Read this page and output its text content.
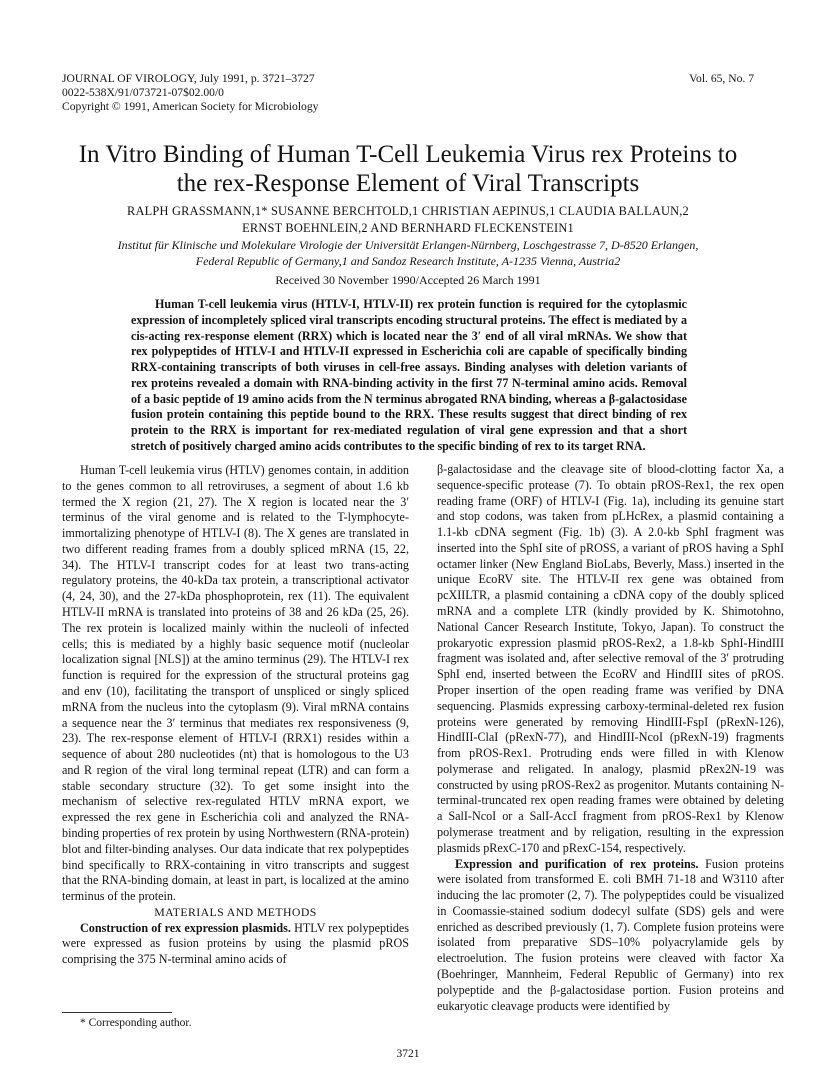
JOURNAL OF VIROLOGY, July 1991, p. 3721–3727
0022-538X/91/073721-07$02.00/0
Copyright © 1991, American Society for Microbiology
Vol. 65, No. 7
In Vitro Binding of Human T-Cell Leukemia Virus rex Proteins to
the rex-Response Element of Viral Transcripts
RALPH GRASSMANN,1* SUSANNE BERCHTOLD,1 CHRISTIAN AEPINUS,1 CLAUDIA BALLAUN,2
ERNST BOEHNLEIN,2 AND BERNHARD FLECKENSTEIN1
Institut für Klinische und Molekulare Virologie der Universität Erlangen-Nürnberg, Loschgestrasse 7, D-8520 Erlangen,
Federal Republic of Germany,1 and Sandoz Research Institute, A-1235 Vienna, Austria2
Received 30 November 1990/Accepted 26 March 1991
Human T-cell leukemia virus (HTLV-I, HTLV-II) rex protein function is required for the cytoplasmic expression of incompletely spliced viral transcripts encoding structural proteins. The effect is mediated by a cis-acting rex-response element (RRX) which is located near the 3′ end of all viral mRNAs. We show that rex polypeptides of HTLV-I and HTLV-II expressed in Escherichia coli are capable of specifically binding RRX-containing transcripts of both viruses in cell-free assays. Binding analyses with deletion variants of rex proteins revealed a domain with RNA-binding activity in the first 77 N-terminal amino acids. Removal of a basic peptide of 19 amino acids from the N terminus abrogated RNA binding, whereas a β-galactosidase fusion protein containing this peptide bound to the RRX. These results suggest that direct binding of rex protein to the RRX is important for rex-mediated regulation of viral gene expression and that a short stretch of positively charged amino acids contributes to the specific binding of rex to its target RNA.

Human T-cell leukemia virus (HTLV) genomes contain, in addition to the genes common to all retroviruses, a segment of about 1.6 kb termed the X region (21, 27). The X region is located near the 3′ terminus of the viral genome and is related to the T-lymphocyte-immortalizing phenotype of HTLV-I (8). The X genes are translated in two different reading frames from a doubly spliced mRNA (15, 22, 34). The HTLV-I transcript codes for at least two trans-acting regulatory proteins, the 40-kDa tax protein, a transcriptional activator (4, 24, 30), and the 27-kDa phosphoprotein, rex (11). The equivalent HTLV-II mRNA is translated into proteins of 38 and 26 kDa (25, 26). The rex protein is localized mainly within the nucleoli of infected cells; this is mediated by a highly basic sequence motif (nucleolar localization signal [NLS]) at the amino terminus (29). The HTLV-I rex function is required for the expression of the structural proteins gag and env (10), facilitating the transport of unspliced or singly spliced mRNA from the nucleus into the cytoplasm (9). Viral mRNA contains a sequence near the 3′ terminus that mediates rex responsiveness (9, 23). The rex-response element of HTLV-I (RRX1) resides within a sequence of about 280 nucleotides (nt) that is homologous to the U3 and R region of the viral long terminal repeat (LTR) and can form a stable secondary structure (32). To get some insight into the mechanism of selective rex-regulated HTLV mRNA export, we expressed the rex gene in Escherichia coli and analyzed the RNA-binding properties of rex protein by using Northwestern (RNA-protein) blot and filter-binding analyses. Our data indicate that rex polypeptides bind specifically to RRX-containing in vitro transcripts and suggest that the RNA-binding domain, at least in part, is localized at the amino terminus of the protein.

MATERIALS AND METHODS

Construction of rex expression plasmids. HTLV rex polypeptides were expressed as fusion proteins by using the plasmid pROS comprising the 375 N-terminal amino acids of

β-galactosidase and the cleavage site of blood-clotting factor Xa, a sequence-specific protease (7). To obtain pROS-Rex1, the rex open reading frame (ORF) of HTLV-I (Fig. 1a), including its genuine start and stop codons, was taken from pLHcRex, a plasmid containing a 1.1-kb cDNA segment (Fig. 1b) (3). A 2.0-kb SphI fragment was inserted into the SphI site of pROSS, a variant of pROS having a SphI octamer linker (New England BioLabs, Beverly, Mass.) inserted in the unique EcoRV site. The HTLV-II rex gene was obtained from pcXIILTR, a plasmid containing a cDNA copy of the doubly spliced mRNA and a complete LTR (kindly provided by K. Shimotohno, National Cancer Research Institute, Tokyo, Japan). To construct the prokaryotic expression plasmid pROS-Rex2, a 1.8-kb SphI-HindIII fragment was isolated and, after selective removal of the 3′ protruding SphI end, inserted between the EcoRV and HindIII sites of pROS. Proper insertion of the open reading frame was verified by DNA sequencing. Plasmids expressing carboxy-terminal-deleted rex fusion proteins were generated by removing HindIII-FspI (pRexN-126), HindIII-ClaI (pRexN-77), and HindIII-NcoI (pRexN-19) fragments from pROS-Rex1. Protruding ends were filled in with Klenow polymerase and religated. In analogy, plasmid pRex2N-19 was constructed by using pROS-Rex2 as progenitor. Mutants containing N-terminal-truncated rex open reading frames were obtained by deleting a SalI-NcoI or a SalI-AccI fragment from pROS-Rex1 by Klenow polymerase treatment and by religation, resulting in the expression plasmids pRexC-170 and pRexC-154, respectively.

Expression and purification of rex proteins. Fusion proteins were isolated from transformed E. coli BMH 71-18 and W3110 after inducing the lac promoter (2, 7). The polypeptides could be visualized in Coomassie-stained sodium dodecyl sulfate (SDS) gels and were enriched as described previously (1, 7). Complete fusion proteins were isolated from preparative SDS–10% polyacrylamide gels by electroelution. The fusion proteins were cleaved with factor Xa (Boehringer, Mannheim, Federal Republic of Germany) into rex polypeptide and the β-galactosidase portion. Fusion proteins and eukaryotic cleavage products were identified by

* Corresponding author.
3721
